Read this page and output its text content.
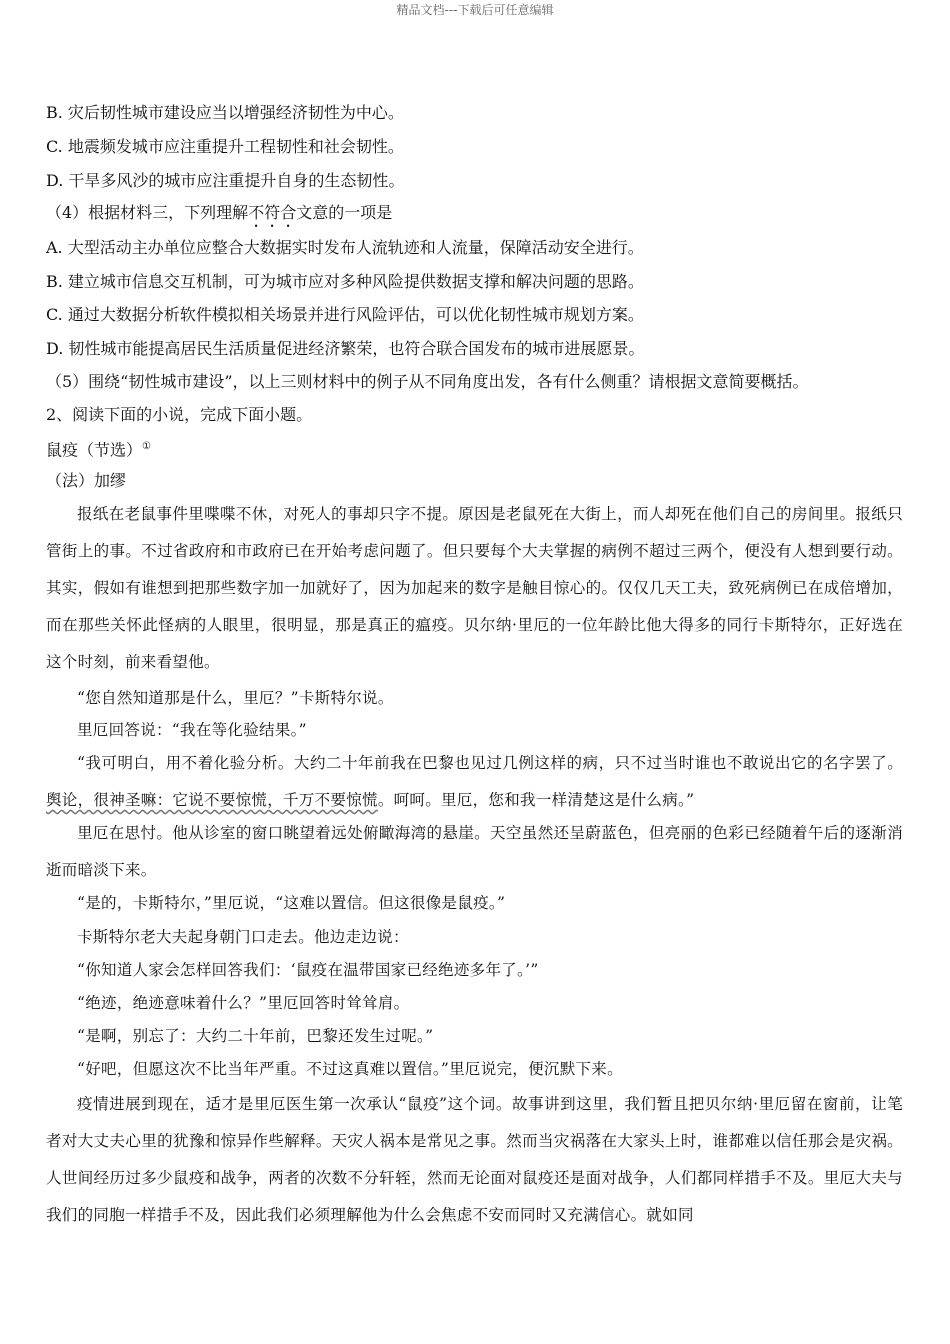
精品文档---下载后可任意编辑
B. 灾后韧性城市建设应当以增强经济韧性为中心。
C. 地震频发城市应注重提升工程韧性和社会韧性。
D. 干旱多风沙的城市应注重提升自身的生态韧性。
（4）根据材料三，下列理解不符合文意的一项是
A. 大型活动主办单位应整合大数据实时发布人流轨迹和人流量，保障活动安全进行。
B. 建立城市信息交互机制，可为城市应对多种风险提供数据支撑和解决问题的思路。
C. 通过大数据分析软件模拟相关场景并进行风险评估，可以优化韧性城市规划方案。
D. 韧性城市能提高居民生活质量促进经济繁荣，也符合联合国发布的城市进展愿景。
（5）围绕“韧性城市建设”，以上三则材料中的例子从不同角度出发，各有什么侧重？请根据文意简要概括。
2、阅读下面的小说，完成下面小题。
鼠疫（节选）①
（法）加缪
报纸在老鼠事件里喋喋不休，对死人的事却只字不提。原因是老鼠死在大街上，而人却死在他们自己的房间里。报纸只管街上的事。不过省政府和市政府已在开始考虑问题了。但只要每个大夫掌握的病例不超过三两个，便没有人想到要行动。其实，假如有谁想到把那些数字加一加就好了，因为加起来的数字是触目惊心的。仅仅几天工夫，致死病例已在成倍增加，而在那些关怀此怪病的人眼里，很明显，那是真正的瘟疫。贝尔纳·里厄的一位年龄比他大得多的同行卡斯特尔，正好选在这个时刻，前来看望他。
“您自然知道那是什么，里厄？”卡斯特尔说。
里厄回答说：“我在等化验结果。”
“我可明白，用不着化验分析。大约二十年前我在巴黎也见过几例这样的病，只不过当时谁也不敢说出它的名字罢了。舆论，很神圣嘛：它说不要惊慌，千万不要惊慌。呵呵。里厄，您和我一样清楚这是什么病。”
里厄在思忖。他从诊室的窗口眺望着远处俯瞰海湾的悬崖。天空虽然还呈蔚蓝色，但亮丽的色彩已经随着午后的逐渐消逝而暗淡下来。
“是的，卡斯特尔，”里厄说，“这难以置信。但这很像是鼠疫。”
卡斯特尔老大夫起身朝门口走去。他边走边说：
“你知道人家会怎样回答我们：‘鼠疫在温带国家已经绝迹多年了。’”
“绝迹，绝迹意味着什么？”里厄回答时耸耸肩。
“是啊，别忘了：大约二十年前，巴黎还发生过呢。”
“好吧，但愿这次不比当年严重。不过这真难以置信。”里厄说完，便沉默下来。
疫情进展到现在，适才是里厄医生第一次承认“鼠疫”这个词。故事讲到这里，我们暂且把贝尔纳·里厄留在窗前，让笔者对大丈夫心里的犹豫和惊异作些解释。天灾人祸本是常见之事。然而当灾祸落在大家头上时，谁都难以信任那会是灾祸。人世间经历过多少鼠疫和战争，两者的次数不分轩轾，然而无论面对鼠疫还是面对战争，人们都同样措手不及。里厄大夫与我们的同胞一样措手不及，因此我们必须理解他为什么会焦虑不安而同时又充满信心。就如同
